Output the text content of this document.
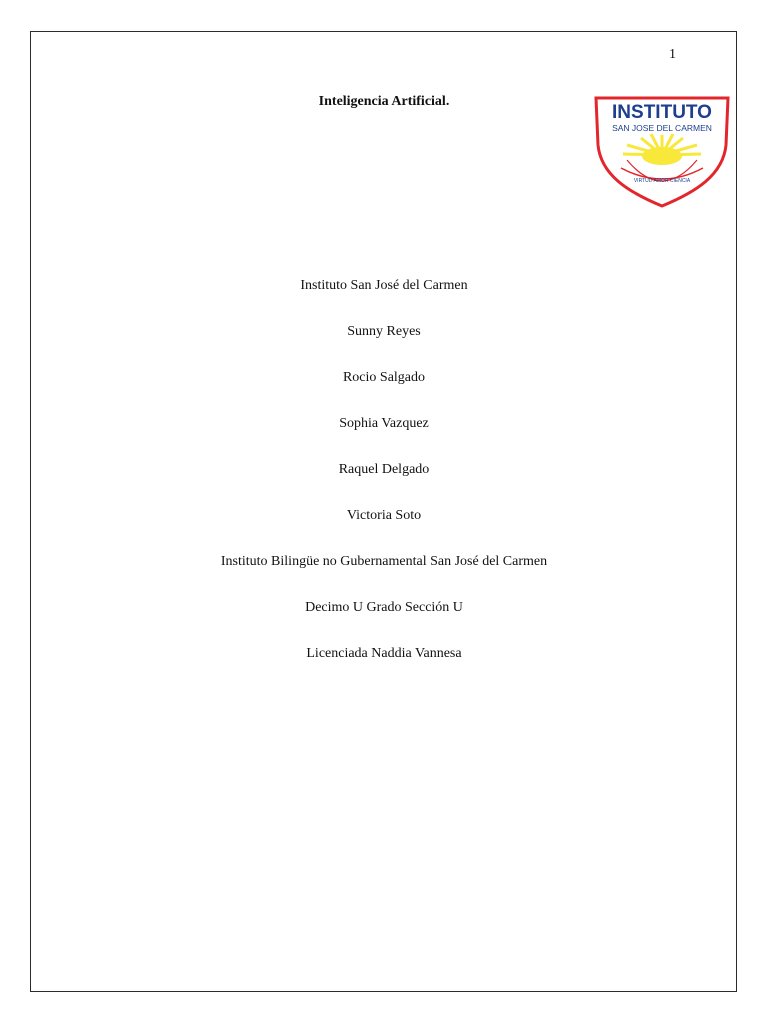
1
Inteligencia Artificial.
INSTITUTO
SAN JOSE DEL CARMEN
VIRTUD AMOR CIENCIA
Instituto San José del Carmen
Sunny Reyes
Rocio Salgado
Sophia Vazquez
Raquel Delgado
Victoria Soto
Instituto Bilingüe no Gubernamental San José del Carmen
Decimo U Grado Sección U
Licenciada Naddia Vannesa
